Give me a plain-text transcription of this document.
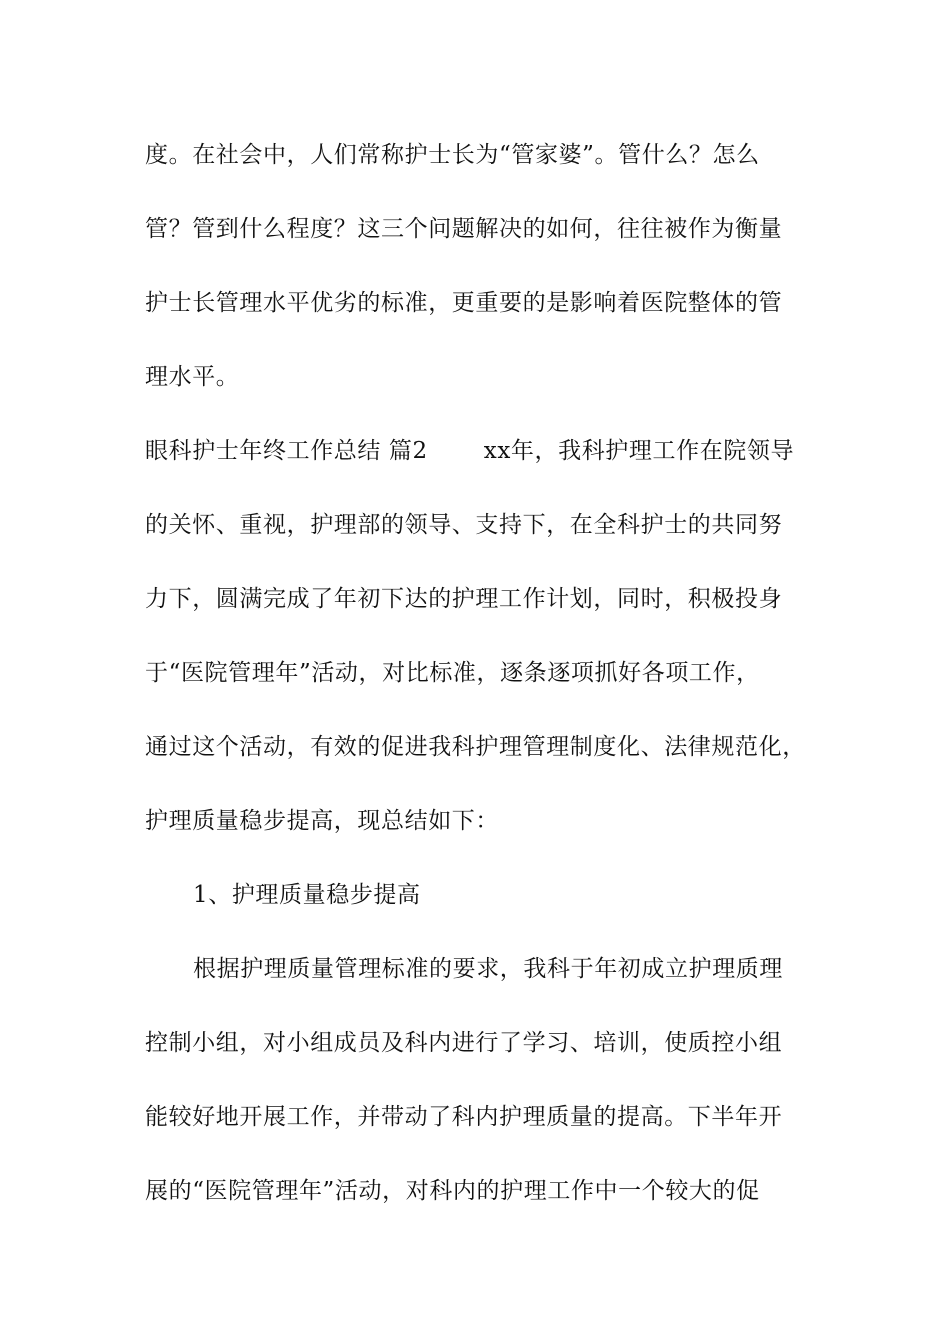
度。在社会中，人们常称护士长为“管家婆”。管什么？怎么
管？管到什么程度？这三个问题解决的如何，往往被作为衡量
护士长管理水平优劣的标准，更重要的是影响着医院整体的管
理水平。
眼科护士年终工作总结 篇2 xx年，我科护理工作在院领导
的关怀、重视，护理部的领导、支持下，在全科护士的共同努
力下，圆满完成了年初下达的护理工作计划，同时，积极投身
于“医院管理年”活动，对比标准，逐条逐项抓好各项工作，
通过这个活动，有效的促进我科护理管理制度化、法律规范化，
护理质量稳步提高，现总结如下：
1、护理质量稳步提高
根据护理质量管理标准的要求，我科于年初成立护理质理
控制小组，对小组成员及科内进行了学习、培训，使质控小组
能较好地开展工作，并带动了科内护理质量的提高。下半年开
展的“医院管理年”活动，对科内的护理工作中一个较大的促
